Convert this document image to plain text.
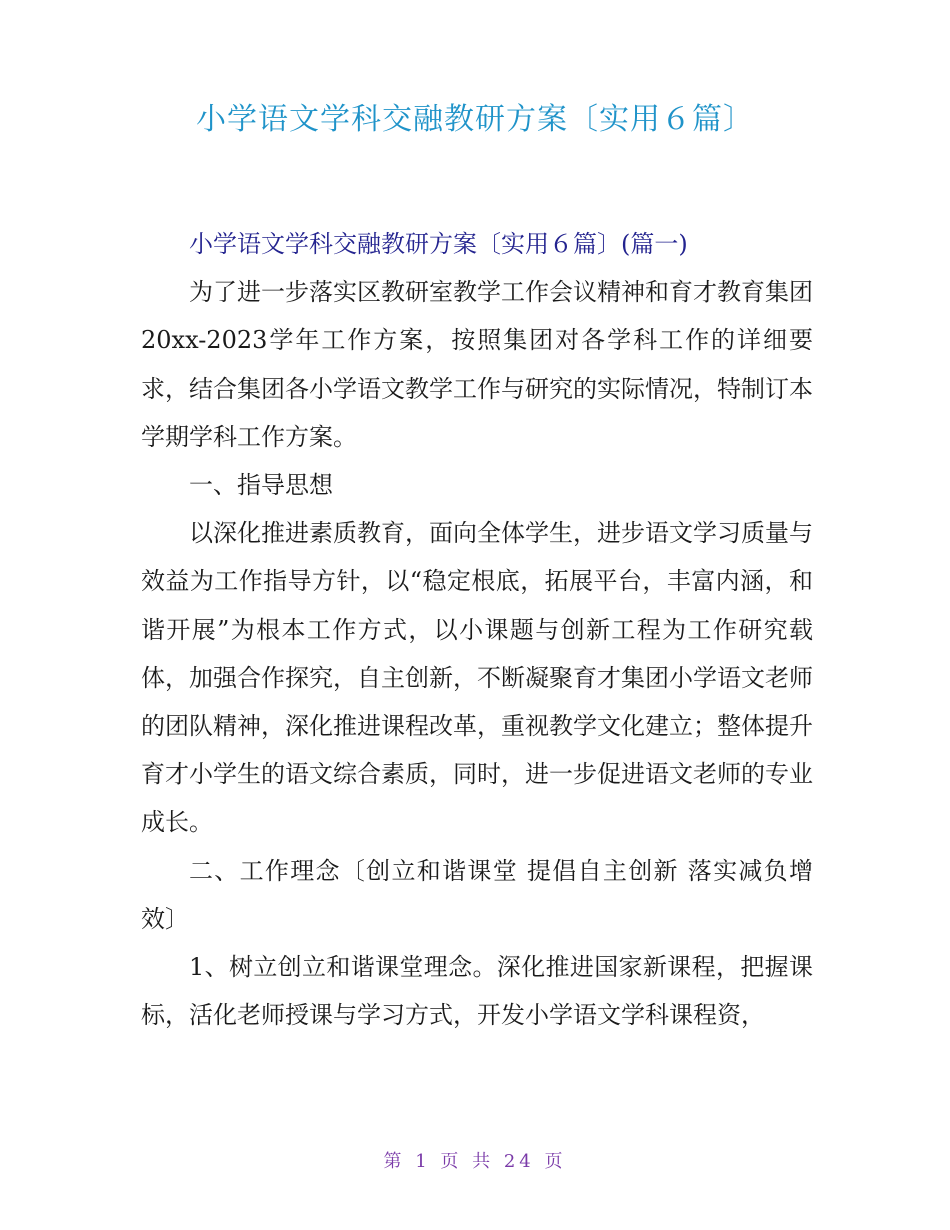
小学语文学科交融教研方案〔实用６篇〕

小学语文学科交融教研方案〔实用６篇〕(篇一)

为了进一步落实区教研室教学工作会议精神和育才教育集团20xx-2023学年工作方案，按照集团对各学科工作的详细要求，结合集团各小学语文教学工作与研究的实际情况，特制订本学期学科工作方案。

一、指导思想

以深化推进素质教育，面向全体学生，进步语文学习质量与效益为工作指导方针，以“稳定根底，拓展平台，丰富内涵，和谐开展”为根本工作方式，以小课题与创新工程为工作研究载体，加强合作探究，自主创新，不断凝聚育才集团小学语文老师的团队精神，深化推进课程改革，重视教学文化建立；整体提升育才小学生的语文综合素质，同时，进一步促进语文老师的专业成长。

二、工作理念〔创立和谐课堂 提倡自主创新 落实减负增效〕

1、树立创立和谐课堂理念。深化推进国家新课程，把握课标，活化老师授课与学习方式，开发小学语文学科课程资，

第 1 页 共 24 页
